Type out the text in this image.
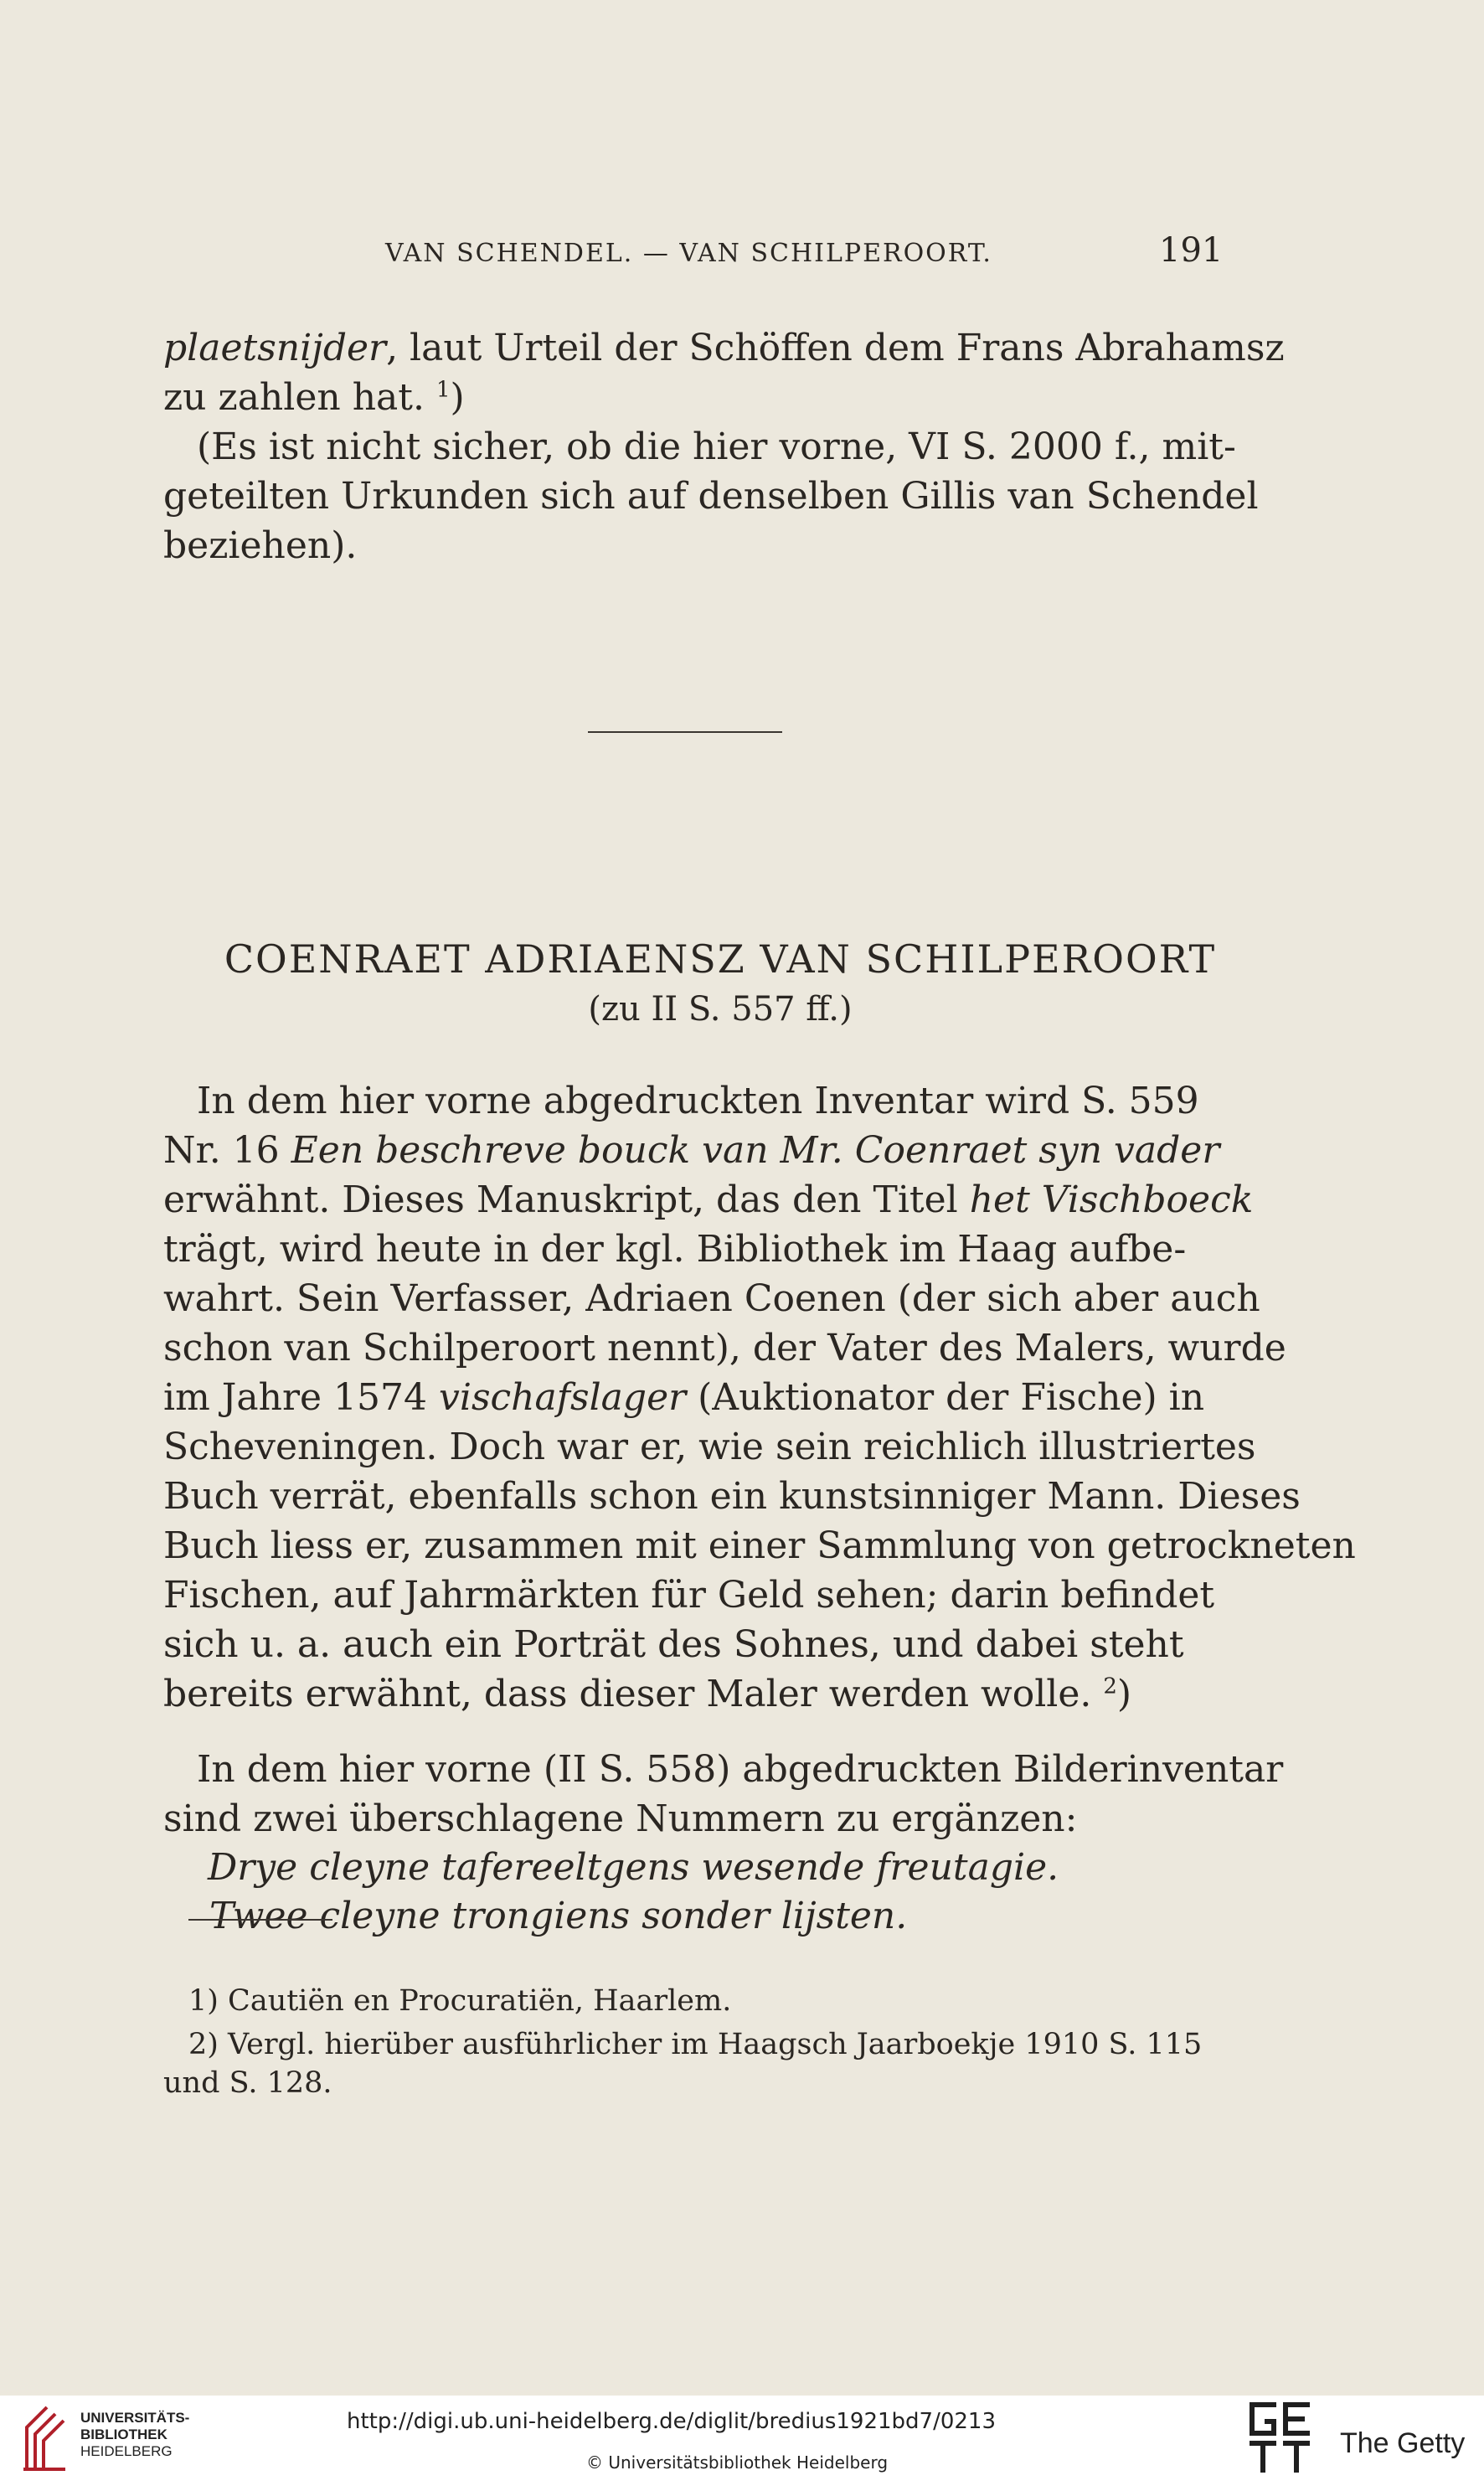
VAN SCHENDEL. — VAN SCHILPEROORT.	191
plaetsnijder, laut Urteil der Schöffen dem Frans Abrahamsz
zu zahlen hat. $^1$)
(Es ist nicht sicher, ob die hier vorne, VI S. 2000 f., mit-
geteilten Urkunden sich auf denselben Gillis van Schendel
beziehen).
COENRAET ADRIAENSZ VAN SCHILPEROORT
(zu II S. 557 ff.)
In dem hier vorne abgedruckten Inventar wird S. 559
Nr. 16 Een beschreve bouck van Mr. Coenraet syn vader
erwähnt. Dieses Manuskript, das den Titel het Vischboeck
trägt, wird heute in der kgl. Bibliothek im Haag aufbe-
wahrt. Sein Verfasser, Adriaen Coenen (der sich aber auch
schon van Schilperoort nennt), der Vater des Malers, wurde
im Jahre 1574 vischafslager (Auktionator der Fische) in
Scheveningen. Doch war er, wie sein reichlich illustriertes
Buch verrät, ebenfalls schon ein kunstsinniger Mann. Dieses
Buch liess er, zusammen mit einer Sammlung von getrockneten
Fischen, auf Jahrmärkten für Geld sehen; darin befindet
sich u. a. auch ein Porträt des Sohnes, und dabei steht
bereits erwähnt, dass dieser Maler werden wolle. $^2$)
In dem hier vorne (II S. 558) abgedruckten Bilderinventar
sind zwei überschlagene Nummern zu ergänzen:
Drye cleyne tafereeltgens wesende freutagie.
Twee cleyne trongiens sonder lijsten.
1) Cautiën en Procuratiën, Haarlem.
2) Vergl. hierüber ausführlicher im Haagsch Jaarboekje 1910 S. 115
und S. 128.
UNIVERSITÄTS-
BIBLIOTHEK
HEIDELBERG
http://digi.ub.uni-heidelberg.de/diglit/bredius1921bd7/0213
© Universitätsbibliothek Heidelberg
The Getty
